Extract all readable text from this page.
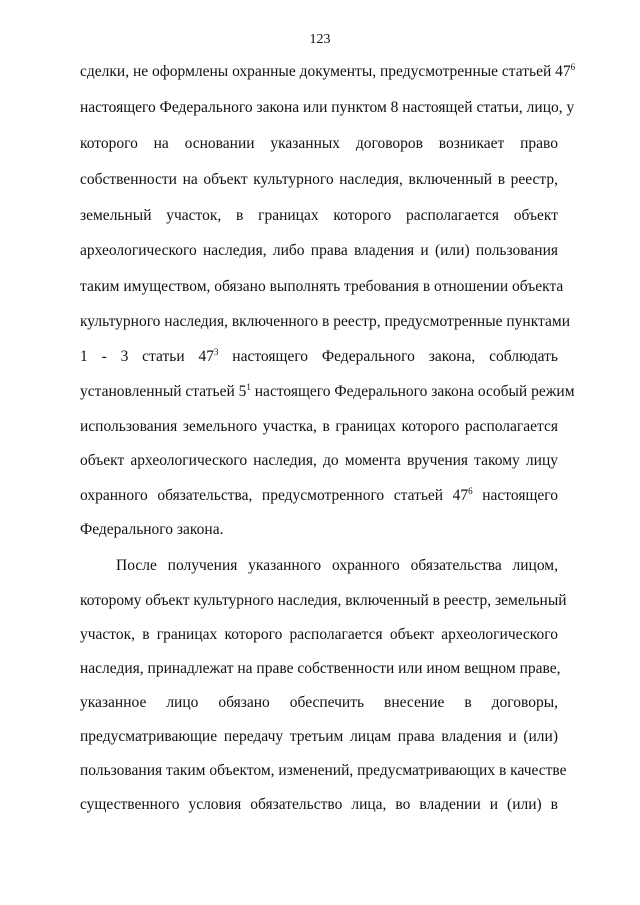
123
сделки, не оформлены охранные документы, предусмотренные статьей $47^6$
настоящего Федерального закона или пунктом 8 настоящей статьи, лицо, у
которого на основании указанных договоров возникает право
собственности на объект культурного наследия, включенный в реестр,
земельный участок, в границах которого располагается объект
археологического наследия, либо права владения и (или) пользования
таким имуществом, обязано выполнять требования в отношении объекта
культурного наследия, включенного в реестр, предусмотренные пунктами
1 - 3 статьи $47^3$ настоящего Федерального закона, соблюдать
установленный статьей $5^1$ настоящего Федерального закона особый режим
использования земельного участка, в границах которого располагается
объект археологического наследия, до момента вручения такому лицу
охранного обязательства, предусмотренного статьей $47^6$ настоящего
Федерального закона.
После получения указанного охранного обязательства лицом,
которому объект культурного наследия, включенный в реестр, земельный
участок, в границах которого располагается объект археологического
наследия, принадлежат на праве собственности или ином вещном праве,
указанное лицо обязано обеспечить внесение в договоры,
предусматривающие передачу третьим лицам права владения и (или)
пользования таким объектом, изменений, предусматривающих в качестве
существенного условия обязательство лица, во владении и (или) в
